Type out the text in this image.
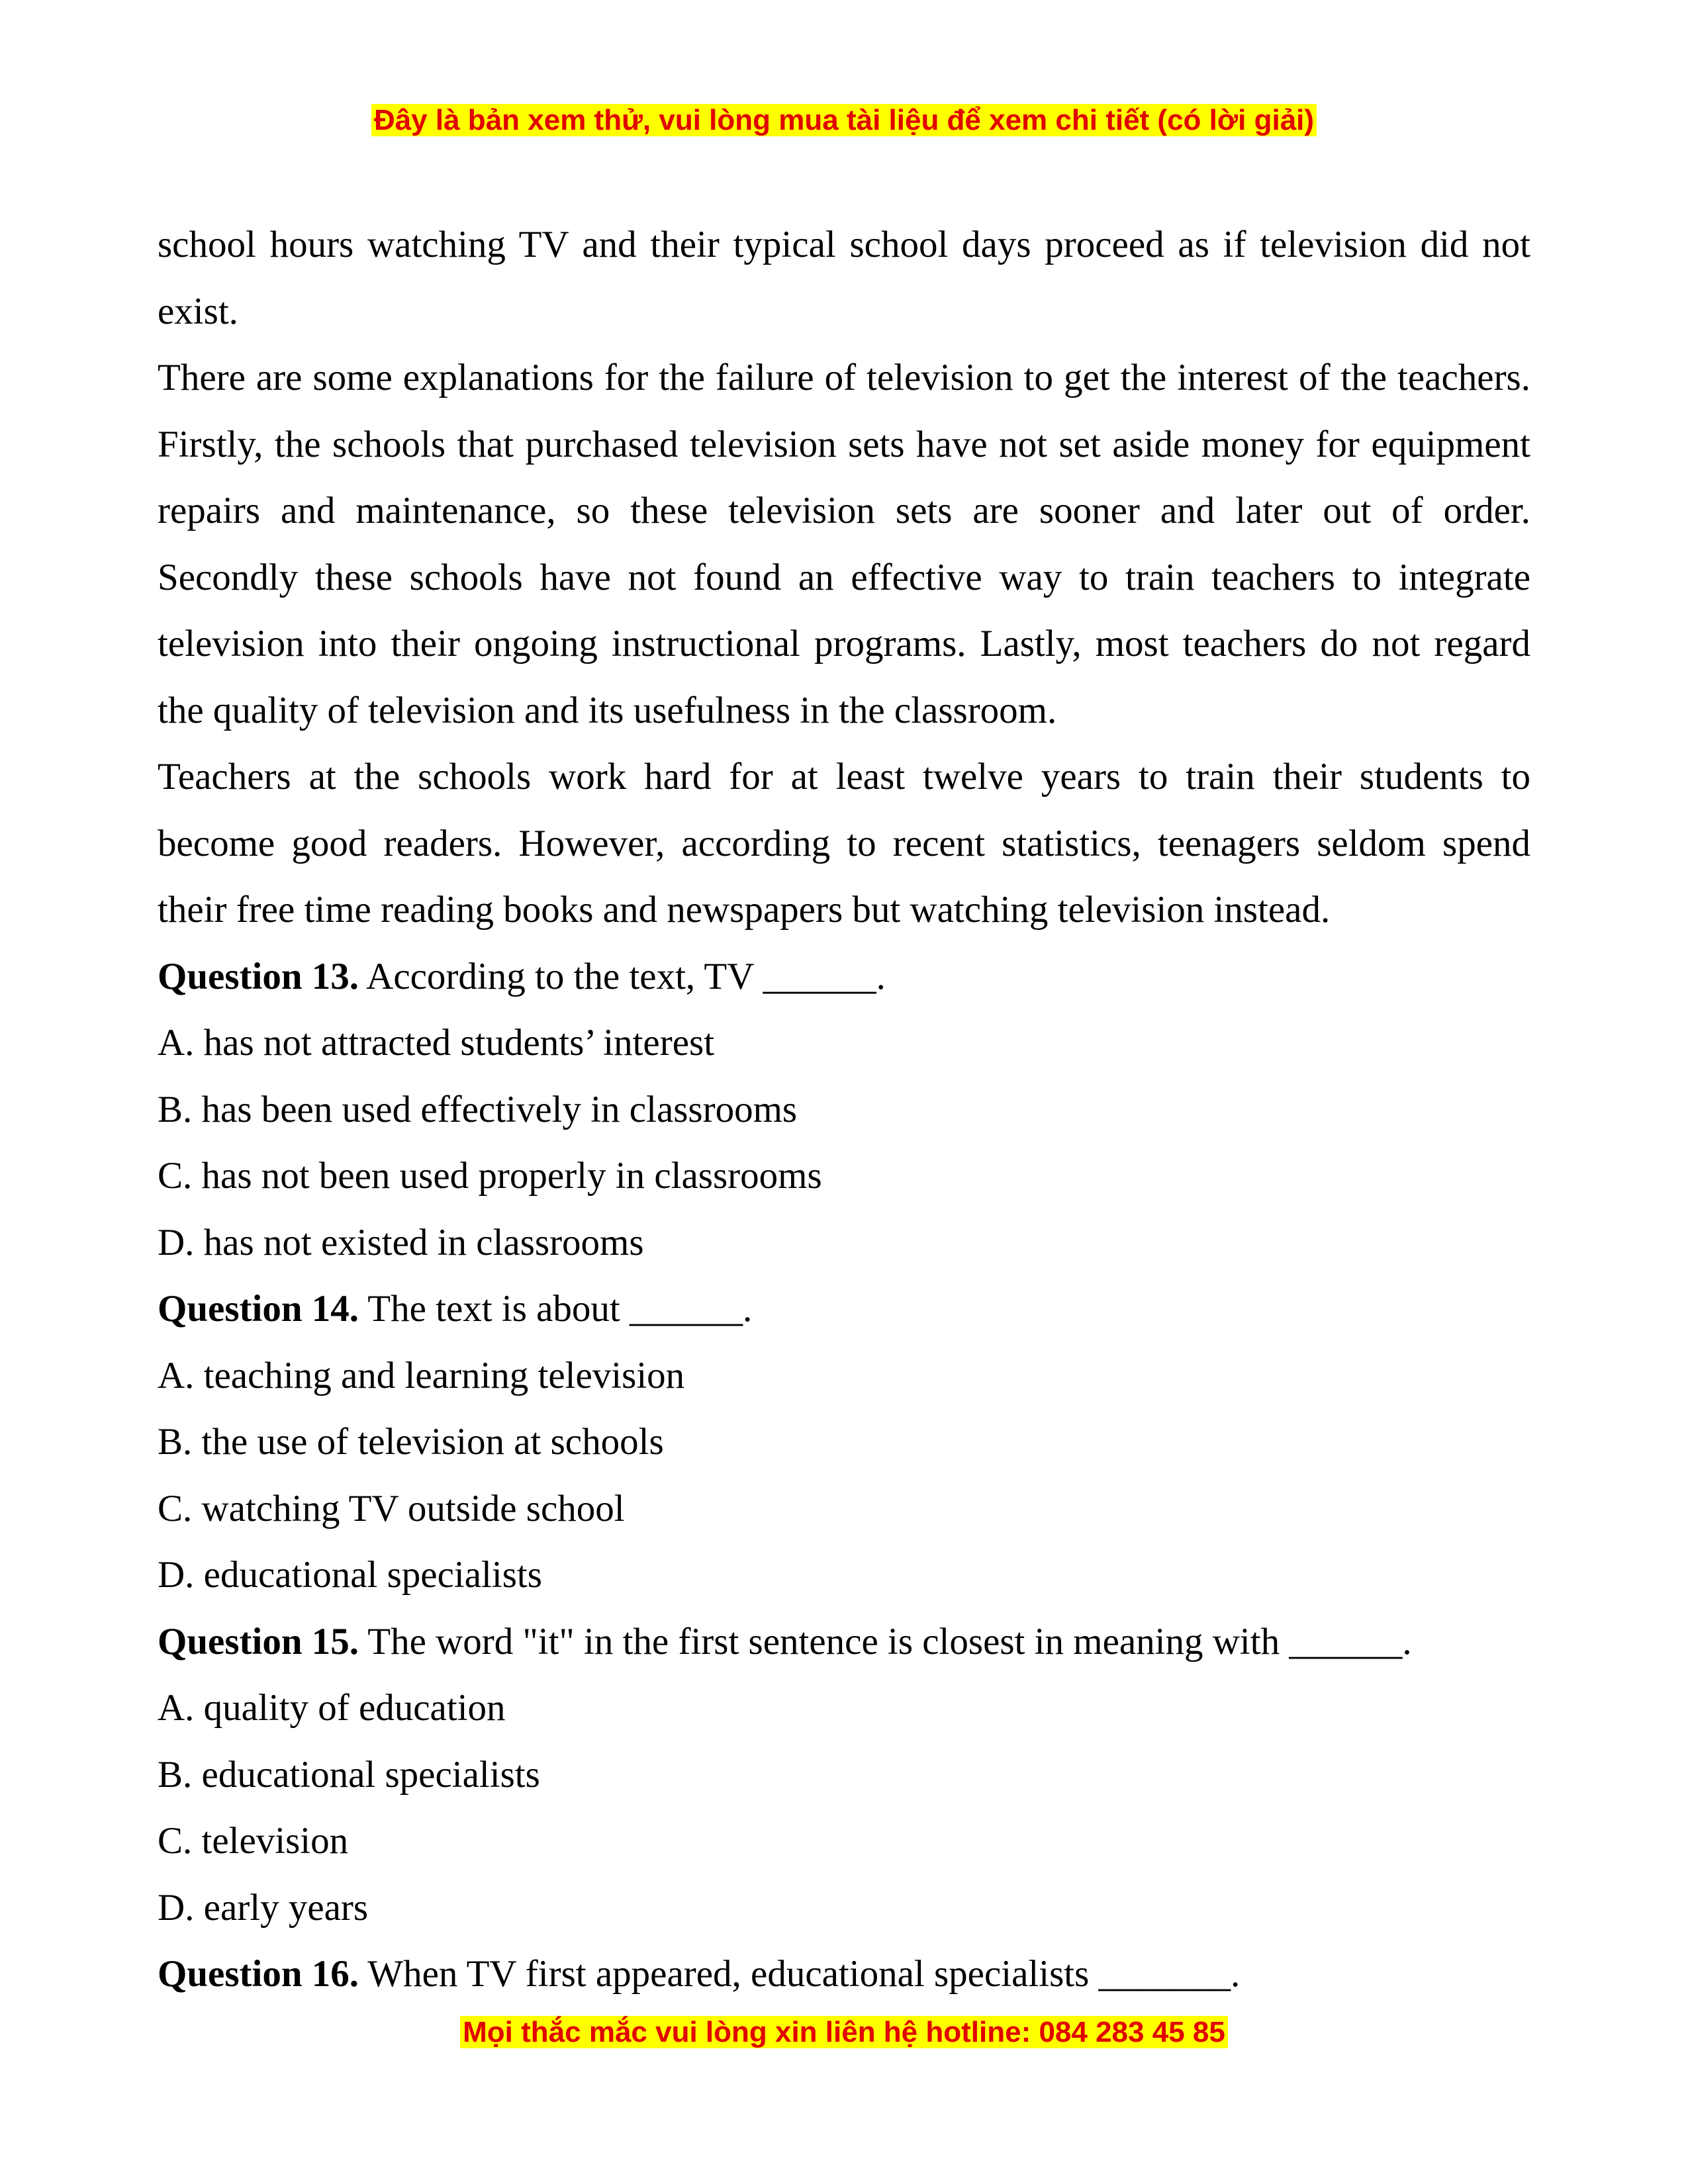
Đây là bản xem thử, vui lòng mua tài liệu để xem chi tiết (có lời giải)

school hours watching TV and their typical school days proceed as if television did not exist.

There are some explanations for the failure of television to get the interest of the teachers. Firstly, the schools that purchased television sets have not set aside money for equipment repairs and maintenance, so these television sets are sooner and later out of order. Secondly these schools have not found an effective way to train teachers to integrate television into their ongoing instructional programs. Lastly, most teachers do not regard the quality of television and its usefulness in the classroom.

Teachers at the schools work hard for at least twelve years to train their students to become good readers. However, according to recent statistics, teenagers seldom spend their free time reading books and newspapers but watching television instead.

Question 13. According to the text, TV ______.

A. has not attracted students’ interest

B. has been used effectively in classrooms

C. has not been used properly in classrooms

D. has not existed in classrooms

Question 14. The text is about ______.

A. teaching and learning television

B. the use of television at schools

C. watching TV outside school

D. educational specialists

Question 15. The word "it" in the first sentence is closest in meaning with ______.

A. quality of education

B. educational specialists

C. television

D. early years

Question 16. When TV first appeared, educational specialists _______.

Mọi thắc mắc vui lòng xin liên hệ hotline: 084 283 45 85
